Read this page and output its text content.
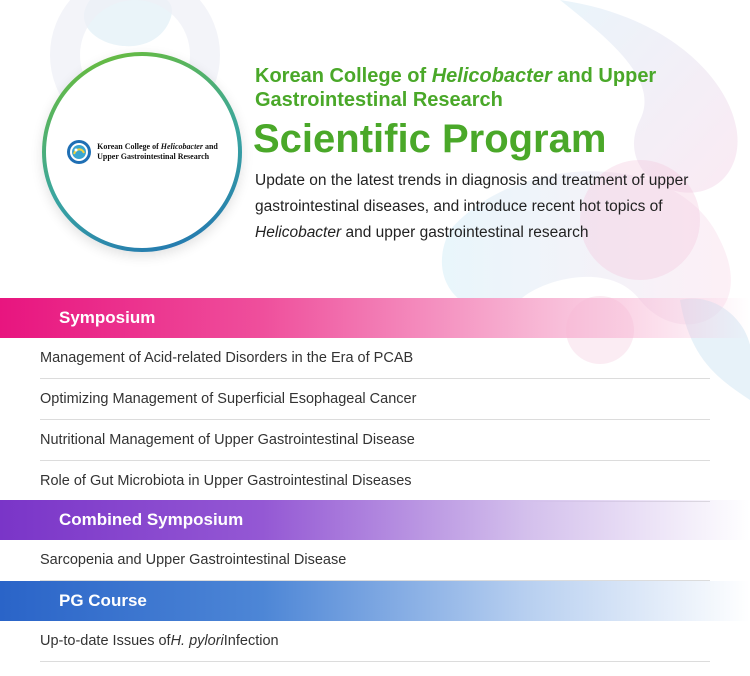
Korean College of Helicobacter and
Upper Gastrointestinal Research
Korean College of Helicobacter and Upper Gastrointestinal Research
Scientific Program
Update on the latest trends in diagnosis and treatment of upper gastrointestinal diseases, and introduce recent hot topics of Helicobacter and upper gastrointestinal research
Symposium
Management of Acid-related Disorders in the Era of PCAB
Optimizing Management of Superficial Esophageal Cancer
Nutritional Management of Upper Gastrointestinal Disease
Role of Gut Microbiota in Upper Gastrointestinal Diseases
Combined Symposium
Sarcopenia and Upper Gastrointestinal Disease
PG Course
Up-to-date Issues of H. pylori Infection
